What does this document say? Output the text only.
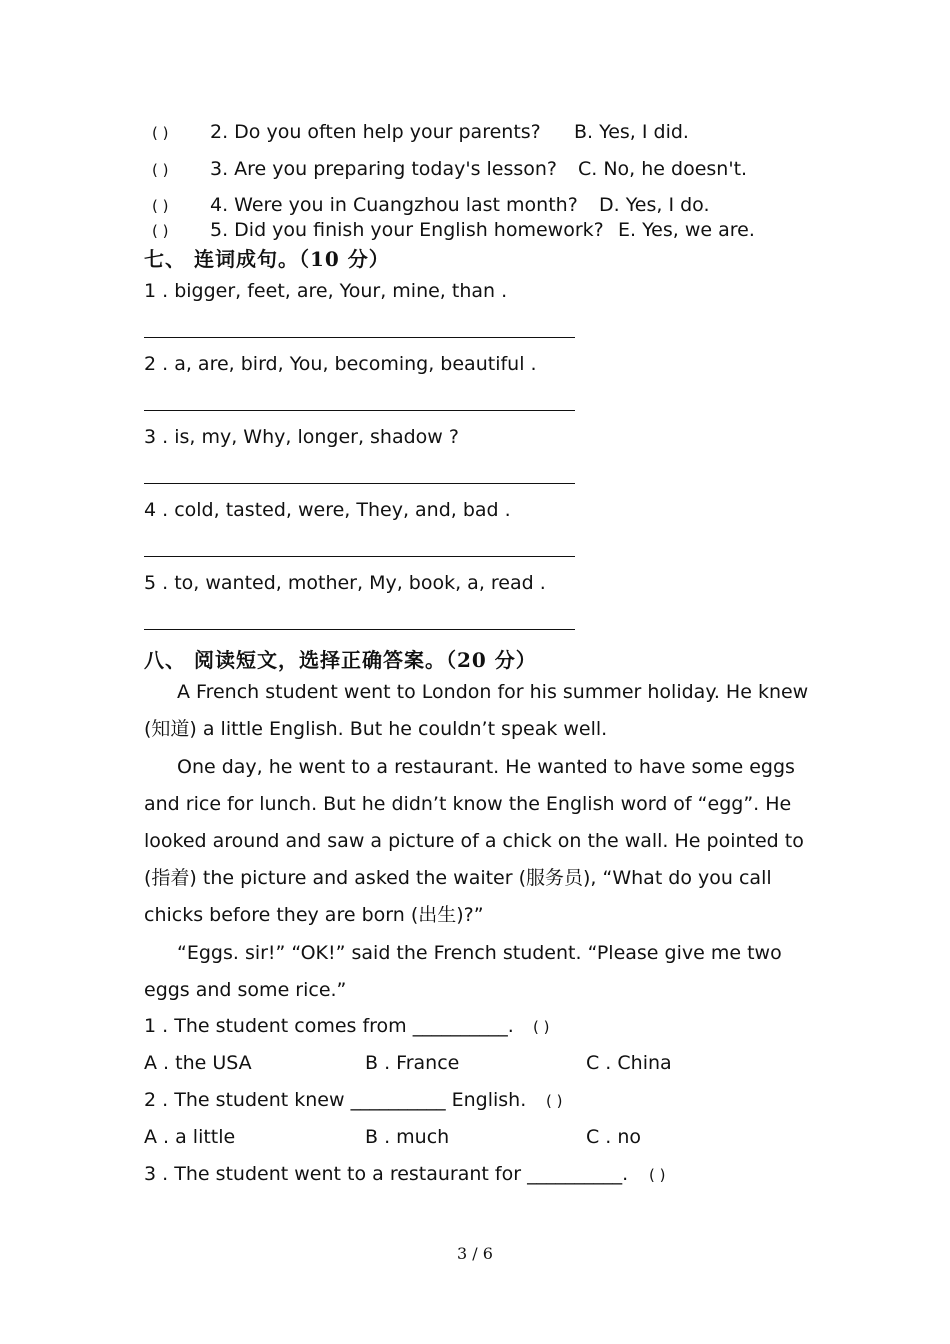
( ) 2. Do you often help your parents? B. Yes, I did.
( ) 3. Are you preparing today's lesson? C. No, he doesn't.
( ) 4. Were you in Cuangzhou last month? D. Yes, I do.
( ) 5. Did you finish your English homework? E. Yes, we are.
七、 连词成句。（10 分）
1 . bigger, feet, are, Your, mine, than .
2 . a, are, bird, You, becoming, beautiful .
3 . is, my, Why, longer, shadow ?
4 . cold, tasted, were, They, and, bad .
5 . to, wanted, mother, My, book, a, read .
八、 阅读短文，选择正确答案。（20 分）
A French student went to London for his summer holiday. He knew (知道) a little English. But he couldn’t speak well.
One day, he went to a restaurant. He wanted to have some eggs and rice for lunch. But he didn’t know the English word of “egg”. He looked around and saw a picture of a chick on the wall. He pointed to (指着) the picture and asked the waiter (服务员), “What do you call chicks before they are born (出生)?”
“Eggs. sir!” “OK!” said the French student. “Please give me two eggs and some rice.”
1 . The student comes from __________. ( )
A . the USA	B . France	C . China
2 . The student knew __________ English. ( )
A . a little	B . much	C . no
3 . The student went to a restaurant for __________. ( )
3 / 6
